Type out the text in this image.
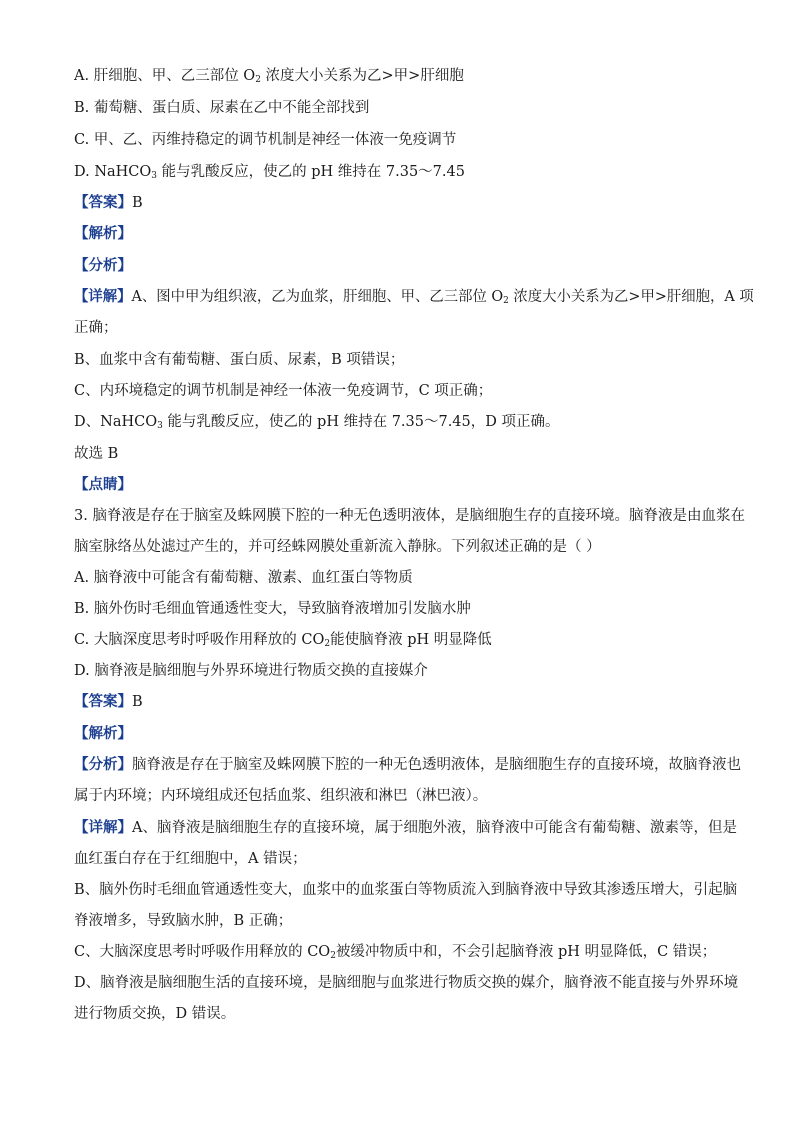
A. 肝细胞、甲、乙三部位 $O_2$ 浓度大小关系为乙>甲>肝细胞
B. 葡萄糖、蛋白质、尿素在乙中不能全部找到
C. 甲、乙、丙维持稳定的调节机制是神经一体液一免疫调节
D. NaHCO$_3$ 能与乳酸反应，使乙的 pH 维持在 7.35～7.45
【答案】B
【解析】
【分析】
【详解】A、图中甲为组织液，乙为血浆，肝细胞、甲、乙三部位 $O_2$ 浓度大小关系为乙>甲>肝细胞，A 项
正确；
B、血浆中含有葡萄糖、蛋白质、尿素，B 项错误；
C、内环境稳定的调节机制是神经一体液一免疫调节，C 项正确；
D、NaHCO$_3$ 能与乳酸反应，使乙的 pH 维持在 7.35～7.45，D 项正确。
故选 B
【点睛】
3. 脑脊液是存在于脑室及蛛网膜下腔的一种无色透明液体，是脑细胞生存的直接环境。脑脊液是由血浆在
脑室脉络丛处滤过产生的，并可经蛛网膜处重新流入静脉。下列叙述正确的是（ ）
A. 脑脊液中可能含有葡萄糖、激素、血红蛋白等物质
B. 脑外伤时毛细血管通透性变大，导致脑脊液增加引发脑水肿
C. 大脑深度思考时呼吸作用释放的 $CO_2$能使脑脊液 pH 明显降低
D. 脑脊液是脑细胞与外界环境进行物质交换的直接媒介
【答案】B
【解析】
【分析】脑脊液是存在于脑室及蛛网膜下腔的一种无色透明液体，是脑细胞生存的直接环境，故脑脊液也
属于内环境；内环境组成还包括血浆、组织液和淋巴（淋巴液）。
【详解】A、脑脊液是脑细胞生存的直接环境，属于细胞外液，脑脊液中可能含有葡萄糖、激素等，但是
血红蛋白存在于红细胞中，A 错误；
B、脑外伤时毛细血管通透性变大，血浆中的血浆蛋白等物质流入到脑脊液中导致其渗透压增大，引起脑
脊液增多，导致脑水肿，B 正确；
C、大脑深度思考时呼吸作用释放的 $CO_2$被缓冲物质中和，不会引起脑脊液 pH 明显降低，C 错误；
D、脑脊液是脑细胞生活的直接环境，是脑细胞与血浆进行物质交换的媒介，脑脊液不能直接与外界环境
进行物质交换，D 错误。
